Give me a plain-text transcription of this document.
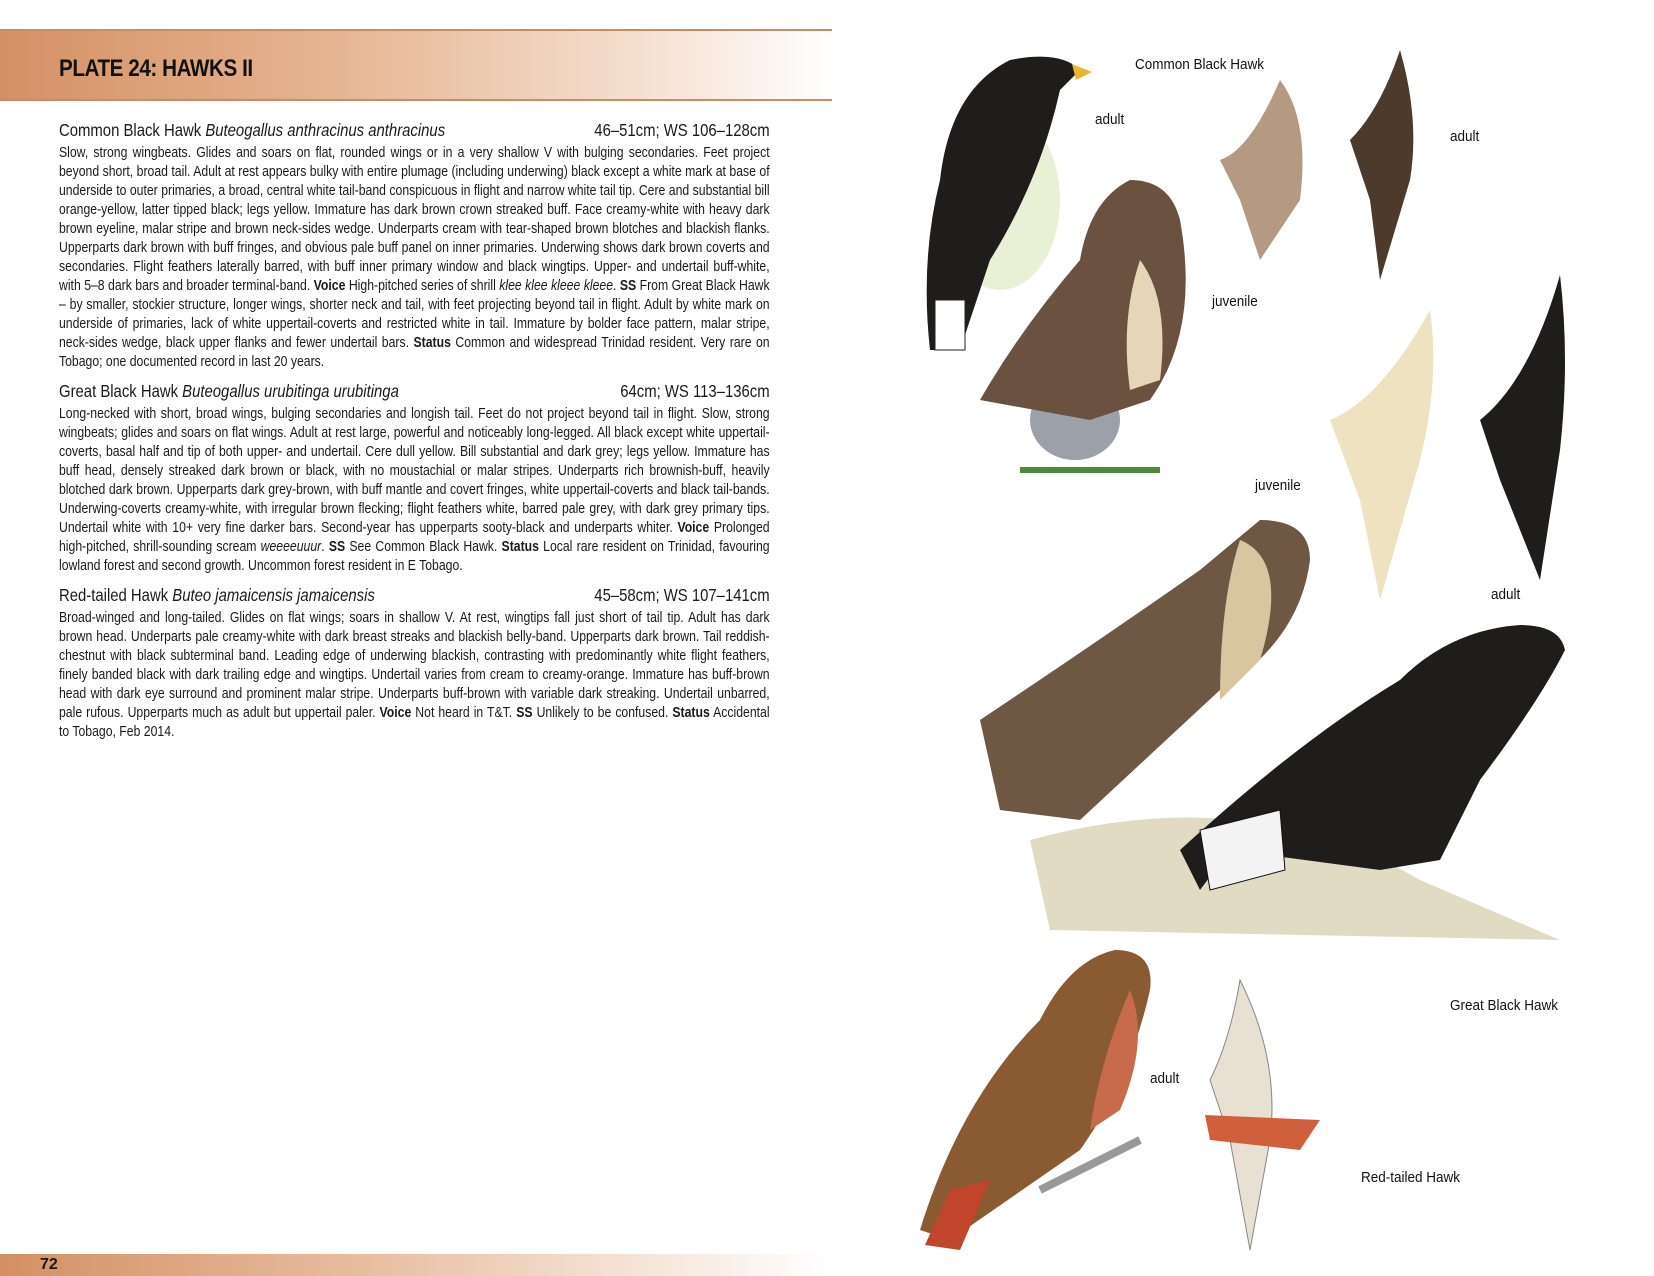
PLATE 24: HAWKS II
Common Black Hawk Buteogallus anthracinus anthracinus	46–51cm; WS 106–128cm

Slow, strong wingbeats. Glides and soars on flat, rounded wings or in a very shallow V with bulging secondaries. Feet project beyond short, broad tail. Adult at rest appears bulky with entire plumage (including underwing) black except a white mark at base of underside to outer primaries, a broad, central white tail-band conspicuous in flight and narrow white tail tip. Cere and substantial bill orange-yellow, latter tipped black; legs yellow. Immature has dark brown crown streaked buff. Face creamy-white with heavy dark brown eyeline, malar stripe and brown neck-sides wedge. Underparts cream with tear-shaped brown blotches and blackish flanks. Upperparts dark brown with buff fringes, and obvious pale buff panel on inner primaries. Underwing shows dark brown coverts and secondaries. Flight feathers laterally barred, with buff inner primary window and black wingtips. Upper- and undertail buff-white, with 5–8 dark bars and broader terminal-band. Voice High-pitched series of shrill klee klee kleee kleee. SS From Great Black Hawk – by smaller, stockier structure, longer wings, shorter neck and tail, with feet projecting beyond tail in flight. Adult by white mark on underside of primaries, lack of white uppertail-coverts and restricted white in tail. Immature by bolder face pattern, malar stripe, neck-sides wedge, black upper flanks and fewer undertail bars. Status Common and widespread Trinidad resident. Very rare on Tobago; one documented record in last 20 years.

Great Black Hawk Buteogallus urubitinga urubitinga	64cm; WS 113–136cm

Long-necked with short, broad wings, bulging secondaries and longish tail. Feet do not project beyond tail in flight. Slow, strong wingbeats; glides and soars on flat wings. Adult at rest large, powerful and noticeably long-legged. All black except white uppertail-coverts, basal half and tip of both upper- and undertail. Cere dull yellow. Bill substantial and dark grey; legs yellow. Immature has buff head, densely streaked dark brown or black, with no moustachial or malar stripes. Underparts rich brownish-buff, heavily blotched dark brown. Upperparts dark grey-brown, with buff mantle and covert fringes, white uppertail-coverts and black tail-bands. Underwing-coverts creamy-white, with irregular brown flecking; flight feathers white, barred pale grey, with dark grey primary tips. Undertail white with 10+ very fine darker bars. Second-year has upperparts sooty-black and underparts whiter. Voice Prolonged high-pitched, shrill-sounding scream weeeeuuur. SS See Common Black Hawk. Status Local rare resident on Trinidad, favouring lowland forest and second growth. Uncommon forest resident in E Tobago.

Red-tailed Hawk Buteo jamaicensis jamaicensis	45–58cm; WS 107–141cm

Broad-winged and long-tailed. Glides on flat wings; soars in shallow V. At rest, wingtips fall just short of tail tip. Adult has dark brown head. Underparts pale creamy-white with dark breast streaks and blackish belly-band. Upperparts dark brown. Tail reddish-chestnut with black subterminal band. Leading edge of underwing blackish, contrasting with predominantly white flight feathers, finely banded black with dark trailing edge and wingtips. Undertail varies from cream to creamy-orange. Immature has buff-brown head with dark eye surround and prominent malar stripe. Underparts buff-brown with variable dark streaking. Undertail unbarred, pale rufous. Upperparts much as adult but uppertail paler. Voice Not heard in T&T. SS Unlikely to be confused. Status Accidental to Tobago, Feb 2014.

72
Common Black Hawk
adult
adult
juvenile
juvenile
adult
Great Black Hawk
adult
Red-tailed Hawk
